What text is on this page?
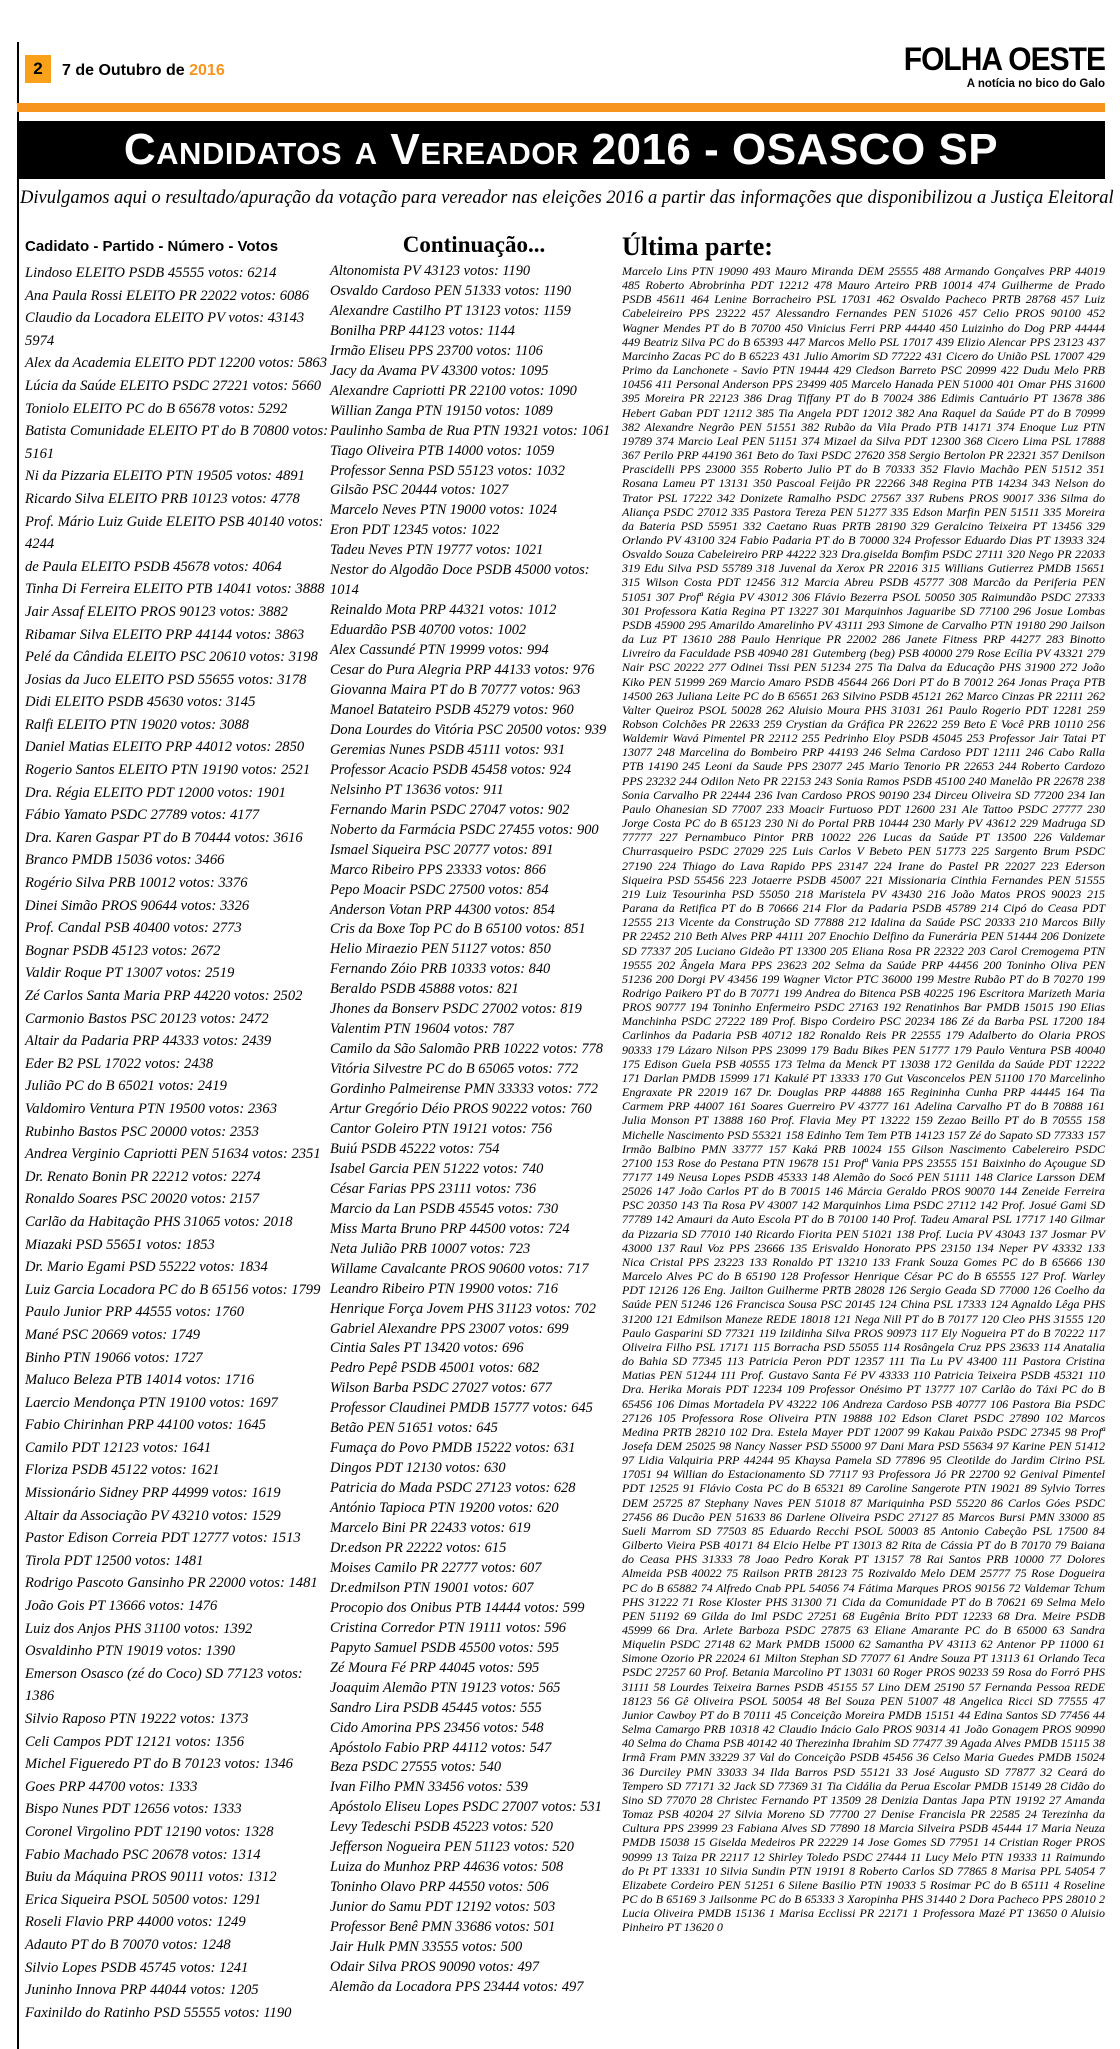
2 7 de Outubro de 2016	FOLHA OESTE
A notícia no bico do Galo
Candidatos a Vereador 2016 - OSASCO SP
Divulgamos aqui o resultado/apuração da votação para vereador nas eleições 2016 a partir das informações que disponibilizou a Justiça Eleitoral
Cadidato - Partido - Número - Votos
Lindoso ELEITO PSDB 45555 votos: 6214
Ana Paula Rossi ELEITO PR 22022 votos: 6086
Claudio da Locadora ELEITO PV votos: 43143 5974
Alex da Academia ELEITO PDT 12200 votos: 5863
Lúcia da Saúde ELEITO PSDC 27221 votos: 5660
Toniolo ELEITO PC do B 65678 votos: 5292
Batista Comunidade ELEITO PT do B 70800 votos: 5161
Ni da Pizzaria ELEITO PTN 19505 votos: 4891
Ricardo Silva ELEITO PRB 10123 votos: 4778
Prof. Mário Luiz Guide ELEITO PSB 40140 votos: 4244
de Paula ELEITO PSDB 45678 votos: 4064
Tinha Di Ferreira ELEITO PTB 14041 votos: 3888
Jair Assaf ELEITO PROS 90123 votos: 3882
Ribamar Silva ELEITO PRP 44144 votos: 3863
Pelé da Cândida ELEITO PSC 20610 votos: 3198
Josias da Juco ELEITO PSD 55655 votos: 3178
Didi ELEITO PSDB 45630 votos: 3145
Ralfi ELEITO PTN 19020 votos: 3088
Daniel Matias ELEITO PRP 44012 votos: 2850
Rogerio Santos ELEITO PTN 19190 votos: 2521
Dra. Régia ELEITO PDT 12000 votos: 1901
Fábio Yamato PSDC 27789 votos: 4177
Dra. Karen Gaspar PT do B 70444 votos: 3616
Branco PMDB 15036 votos: 3466
Rogério Silva PRB 10012 votos: 3376
Dinei Simão PROS 90644 votos: 3326
Prof. Candal PSB 40400 votos: 2773
Bognar PSDB 45123 votos: 2672
Valdir Roque PT 13007 votos: 2519
Zé Carlos Santa Maria PRP 44220 votos: 2502
Carmonio Bastos PSC 20123 votos: 2472
Altair da Padaria PRP 44333 votos: 2439
Eder B2 PSL 17022 votos: 2438
Julião PC do B 65021 votos: 2419
Valdomiro Ventura PTN 19500 votos: 2363
Rubinho Bastos PSC 20000 votos: 2353
Andrea Verginio Capriotti PEN 51634 votos: 2351
Dr. Renato Bonin PR 22212 votos: 2274
Ronaldo Soares PSC 20020 votos: 2157
Carlão da Habitação PHS 31065 votos: 2018
Miazaki PSD 55651 votos: 1853
Dr. Mario Egami PSD 55222 votos: 1834
Luiz Garcia Locadora PC do B 65156 votos: 1799
Paulo Junior PRP 44555 votos: 1760
Mané PSC 20669 votos: 1749
Binho PTN 19066 votos: 1727
Maluco Beleza PTB 14014 votos: 1716
Laercio Mendonça PTN 19100 votos: 1697
Fabio Chirinhan PRP 44100 votos: 1645
Camilo PDT 12123 votos: 1641
Floriza PSDB 45122 votos: 1621
Missionário Sidney PRP 44999 votos: 1619
Altair da Associação PV 43210 votos: 1529
Pastor Edison Correia PDT 12777 votos: 1513
Tirola PDT 12500 votos: 1481
Rodrigo Pascoto Gansinho PR 22000 votos: 1481
João Gois PT 13666 votos: 1476
Luiz dos Anjos PHS 31100 votos: 1392
Osvaldinho PTN 19019 votos: 1390
Emerson Osasco (zé do Coco) SD 77123 votos: 1386
Silvio Raposo PTN 19222 votos: 1373
Celi Campos PDT 12121 votos: 1356
Michel Figueredo PT do B 70123 votos: 1346
Goes PRP 44700 votos: 1333
Bispo Nunes PDT 12656 votos: 1333
Coronel Virgolino PDT 12190 votos: 1328
Fabio Machado PSC 20678 votos: 1314
Buiu da Máquina PROS 90111 votos: 1312
Erica Siqueira PSOL 50500 votos: 1291
Roseli Flavio PRP 44000 votos: 1249
Adauto PT do B 70070 votos: 1248
Silvio Lopes PSDB 45745 votos: 1241
Juninho Innova PRP 44044 votos: 1205
Faxinildo do Ratinho PSD 55555 votos: 1190
Continuação...
Altonomista PV 43123 votos: 1190
Osvaldo Cardoso PEN 51333 votos: 1190
Alexandre Castilho PT 13123 votos: 1159
Bonilha PRP 44123 votos: 1144
Irmão Eliseu PPS 23700 votos: 1106
Jacy da Avama PV 43300 votos: 1095
Alexandre Capriotti PR 22100 votos: 1090
Willian Zanga PTN 19150 votos: 1089
Paulinho Samba de Rua PTN 19321 votos: 1061
Tiago Oliveira PTB 14000 votos: 1059
Professor Senna PSD 55123 votos: 1032
Gilsão PSC 20444 votos: 1027
Marcelo Neves PTN 19000 votos: 1024
Eron PDT 12345 votos: 1022
Tadeu Neves PTN 19777 votos: 1021
Nestor do Algodão Doce PSDB 45000 votos: 1014
Reinaldo Mota PRP 44321 votos: 1012
Eduardão PSB 40700 votos: 1002
Alex Cassundé PTN 19999 votos: 994
Cesar do Pura Alegria PRP 44133 votos: 976
Giovanna Maira PT do B 70777 votos: 963
Manoel Batateiro PSDB 45279 votos: 960
Dona Lourdes do Vitória PSC 20500 votos: 939
Geremias Nunes PSDB 45111 votos: 931
Professor Acacio PSDB 45458 votos: 924
Nelsinho PT 13636 votos: 911
Fernando Marin PSDC 27047 votos: 902
Noberto da Farmácia PSDC 27455 votos: 900
Ismael Siqueira PSC 20777 votos: 891
Marco Ribeiro PPS 23333 votos: 866
Pepo Moacir PSDC 27500 votos: 854
Anderson Votan PRP 44300 votos: 854
Cris da Boxe Top PC do B 65100 votos: 851
Helio Miraezio PEN 51127 votos: 850
Fernando Zóio PRB 10333 votos: 840
Beraldo PSDB 45888 votos: 821
Jhones da Bonserv PSDC 27002 votos: 819
Valentim PTN 19604 votos: 787
Camilo da São Salomão PRB 10222 votos: 778
Vitória Silvestre PC do B 65065 votos: 772
Gordinho Palmeirense PMN 33333 votos: 772
Artur Gregório Déio PROS 90222 votos: 760
Cantor Goleiro PTN 19121 votos: 756
Buiú PSDB 45222 votos: 754
Isabel Garcia PEN 51222 votos: 740
César Farias PPS 23111 votos: 736
Marcio da Lan PSDB 45545 votos: 730
Miss Marta Bruno PRP 44500 votos: 724
Neta Julião PRB 10007 votos: 723
Willame Cavalcante PROS 90600 votos: 717
Leandro Ribeiro PTN 19900 votos: 716
Henrique Força Jovem PHS 31123 votos: 702
Gabriel Alexandre PPS 23007 votos: 699
Cintia Sales PT 13420 votos: 696
Pedro Pepê PSDB 45001 votos: 682
Wilson Barba PSDC 27027 votos: 677
Professor Claudinei PMDB 15777 votos: 645
Betão PEN 51651 votos: 645
Fumaça do Povo PMDB 15222 votos: 631
Dingos PDT 12130 votos: 630
Patricia do Mada PSDC 27123 votos: 628
António Tapioca PTN 19200 votos: 620
Marcelo Bini PR 22433 votos: 619
Dr.edson PR 22222 votos: 615
Moises Camilo PR 22777 votos: 607
Dr.edmilson PTN 19001 votos: 607
Procopio dos Onibus PTB 14444 votos: 599
Cristina Corredor PTN 19111 votos: 596
Papyto Samuel PSDB 45500 votos: 595
Zé Moura Fé PRP 44045 votos: 595
Joaquim Alemão PTN 19123 votos: 565
Sandro Lira PSDB 45445 votos: 555
Cido Amorina PPS 23456 votos: 548
Apóstolo Fabio PRP 44112 votos: 547
Beza PSDC 27555 votos: 540
Ivan Filho PMN 33456 votos: 539
Apóstolo Eliseu Lopes PSDC 27007 votos: 531
Levy Tedeschi PSDB 45223 votos: 520
Jefferson Nogueira PEN 51123 votos: 520
Luiza do Munhoz PRP 44636 votos: 508
Toninho Olavo PRP 44550 votos: 506
Junior do Samu PDT 12192 votos: 503
Professor Benê PMN 33686 votos: 501
Jair Hulk PMN 33555 votos: 500
Odair Silva PROS 90090 votos: 497
Alemão da Locadora PPS 23444 votos: 497
Última parte:
Marcelo Lins PTN 19090 493 Mauro Miranda DEM 25555 488 Armando Gonçalves PRP 44019 485 Roberto Abrobrinha PDT 12212 478 Mauro Arteiro PRB 10014 474 Guilherme de Prado PSDB 45611 464 Lenine Borracheiro PSL 17031 462 Osvaldo Pacheco PRTB 28768 457 Luiz Cabeleireiro PPS 23222 457 Alessandro Fernandes PEN 51026 457 Celio PROS 90100 452 Wagner Mendes PT do B 70700 450 Vinicius Ferri PRP 44440 450 Luizinho do Dog PRP 44444 449 Beatriz Silva PC do B 65393 447 Marcos Mello PSL 17017 439 Elizio Alencar PPS 23123 437 Marcinho Zacas PC do B 65223 431 Julio Amorim SD 77222 431 Cicero do União PSL 17007 429 Primo da Lanchonete - Savio PTN 19444 429 Cledson Barreto PSC 20999 422 Dudu Melo PRB 10456 411 Personal Anderson PPS 23499 405 Marcelo Hanada PEN 51000 401 Omar PHS 31600 395 Moreira PR 22123 386 Drag Tiffany PT do B 70024 386 Edimis Cantuário PT 13678 386 Hebert Gaban PDT 12112 385 Tia Angela PDT 12012 382 Ana Raquel da Saúde PT do B 70999 382 Alexandre Negrão PEN 51551 382 Rubão da Vila Prado PTB 14171 374 Enoque Luz PTN 19789 374 Marcio Leal PEN 51151 374 Mizael da Silva PDT 12300 368 Cicero Lima PSL 17888 367 Perilo PRP 44190 361 Beto do Taxi PSDC 27620 358 Sergio Bertolon PR 22321 357 Denilson Prascidelli PPS 23000 355 Roberto Julio PT do B 70333 352 Flavio Machão PEN 51512 351 Rosana Lameu PT 13131 350 Pascoal Feijão PR 22266 348 Regina PTB 14234 343 Nelson do Trator PSL 17222 342 Donizete Ramalho PSDC 27567 337 Rubens PROS 90017 336 Silma do Aliança PSDC 27012 335 Pastora Tereza PEN 51277 335 Edson Marfin PEN 51511 335 Moreira da Bateria PSD 55951 332 Caetano Ruas PRTB 28190 329 Geralcino Teixeira PT 13456 329 Orlando PV 43100 324 Fabio Padaria PT do B 70000 324 Professor Eduardo Dias PT 13933 324 Osvaldo Souza Cabeleireiro PRP 44222 323 Dra.giselda Bomfim PSDC 27111 320 Nego PR 22033 319 Edu Silva PSD 55789 318 Juvenal da Xerox PR 22016 315 Willians Gutierrez PMDB 15651 315 Wilson Costa PDT 12456 312 Marcia Abreu PSDB 45777 308 Marcão da Periferia PEN 51051 307 Profª Régia PV 43012 306 Flávio Bezerra PSOL 50050 305 Raimundão PSDC 27333 301 Professora Katia Regina PT 13227 301 Marquinhos Jaguaribe SD 77100 296 Josue Lombas PSDB 45900 295 Amarildo Amarelinho PV 43111 293 Simone de Carvalho PTN 19180 290 Jailson da Luz PT 13610 288 Paulo Henrique PR 22002 286 Janete Fitness PRP 44277 283 Binotto Livreiro da Faculdade PSB 40940 281 Gutemberg (beg) PSB 40000 279 Rose Ecília PV 43321 279 Nair PSC 20222 277 Odinei Tissi PEN 51234 275 Tia Dalva da Educação PHS 31900 272 João Kiko PEN 51999 269 Marcio Amaro PSDB 45644 266 Dori PT do B 70012 264 Jonas Praça PTB 14500 263 Juliana Leite PC do B 65651 263 Silvino PSDB 45121 262 Marco Cinzas PR 22111 262 Valter Queiroz PSOL 50028 262 Aluisio Moura PHS 31031 261 Paulo Rogerio PDT 12281 259 Robson Colchões PR 22633 259 Crystian da Gráfica PR 22622 259 Beto E Você PRB 10110 256 Waldemir Wavá Pimentel PR 22112 255 Pedrinho Eloy PSDB 45045 253 Professor Jair Tatai PT 13077 248 Marcelina do Bombeiro PRP 44193 246 Selma Cardoso PDT 12111 246 Cabo Ralla PTB 14190 245 Leoni da Saude PPS 23077 245 Mario Tenorio PR 22653 244 Roberto Cardozo PPS 23232 244 Odilon Neto PR 22153 243 Sonia Ramos PSDB 45100 240 Manelão PR 22678 238 Sonia Carvalho PR 22444 236 Ivan Cardoso PROS 90190 234 Dirceu Oliveira SD 77200 234 Ian Paulo Ohanesian SD 77007 233 Moacir Furtuoso PDT 12600 231 Ale Tattoo PSDC 27777 230 Jorge Costa PC do B 65123 230 Ni do Portal PRB 10444 230 Marly PV 43612 229 Madruga SD 77777 227 Pernambuco Pintor PRB 10022 226 Lucas da Saúde PT 13500 226 Valdemar Churrasqueiro PSDC 27029 225 Luis Carlos V Bebeto PEN 51773 225 Sargento Brum PSDC 27190 224 Thiago do Lava Rapido PPS 23147 224 Irane do Pastel PR 22027 223 Ederson Siqueira PSD 55456 223 Jotaerre PSDB 45007 221 Missionaria Cinthia Fernandes PEN 51555 219 Luiz Tesourinha PSD 55050 218 Maristela PV 43430 216 João Matos PROS 90023 215 Parana da Retifica PT do B 70666 214 Flor da Padaria PSDB 45789 214 Cipó do Ceasa PDT 12555 213 Vicente da Construção SD 77888 212 Idalina da Saúde PSC 20333 210 Marcos Billy PR 22452 210 Beth Alves PRP 44111 207 Enochio Delfino da Funerária PEN 51444 206 Donizete SD 77337 205 Luciano Gideão PT 13300 205 Eliana Rosa PR 22322 203 Carol Cremogema PTN 19555 202 Ângela Mara PPS 23623 202 Selma da Saúde PRP 44456 200 Toninho Oliva PEN 51236 200 Dorgi PV 43456 199 Wagner Victor PTC 36000 199 Mestre Rubão PT do B 70270 199 Rodrigo Paikero PT do B 70771 199 Andrea do Bitenca PSB 40225 196 Escritora Marizeth Maria PROS 90777 194 Toninho Enfermeiro PSDC 27163 192 Renatinhos Bar PMDB 15015 190 Elias Manchinha PSDC 27222 189 Prof. Bispo Cordeiro PSC 20234 186 Zé da Barba PSL 17200 184 Carlinhos da Padaria PSB 40712 182 Ronaldo Reis PR 22555 179 Adalberto do Olaria PROS 90333 179 Lázaro Nilson PPS 23099 179 Badu Bikes PEN 51777 179 Paulo Ventura PSB 40040 175 Edison Guela PSB 40555 173 Telma da Menck PT 13038 172 Genilda da Saúde PDT 12222 171 Darlan PMDB 15999 171 Kakulé PT 13333 170 Gut Vasconcelos PEN 51100 170 Marcelinho Engraxate PR 22019 167 Dr. Douglas PRP 44888 165 Regininha Cunha PRP 44445 164 Tia Carmem PRP 44007 161 Soares Guerreiro PV 43777 161 Adelina Carvalho PT do B 70888 161 Julia Monson PT 13888 160 Prof. Flavia Mey PT 13222 159 Zezao Beillo PT do B 70555 158 Michelle Nascimento PSD 55321 158 Edinho Tem Tem PTB 14123 157 Zé do Sapato SD 77333 157 Irmão Balbino PMN 33777 157 Kaká PRB 10024 155 Gilson Nascimento Cabelereiro PSDC 27100 153 Rose do Pestana PTN 19678 151 Profª Vania PPS 23555 151 Baixinho do Açougue SD 77177 149 Neusa Lopes PSDB 45333 148 Alemão do Socó PEN 51111 148 Clarice Larsson DEM 25026 147 João Carlos PT do B 70015 146 Márcia Geraldo PROS 90070 144 Zeneide Ferreira PSC 20350 143 Tia Rosa PV 43007 142 Marquinhos Lima PSDC 27112 142 Prof. Josué Gami SD 77789 142 Amauri da Auto Escola PT do B 70100 140 Prof. Tadeu Amaral PSL 17717 140 Gilmar da Pizzaria SD 77010 140 Ricardo Fiorita PEN 51021 138 Prof. Lucia PV 43043 137 Josmar PV 43000 137 Raul Voz PPS 23666 135 Erisvaldo Honorato PPS 23150 134 Neper PV 43332 133 Nica Cristal PPS 23223 133 Ronaldo PT 13210 133 Frank Souza Gomes PC do B 65666 130 Marcelo Alves PC do B 65190 128 Professor Henrique César PC do B 65555 127 Prof. Warley PDT 12126 126 Eng. Jailton Guilherme PRTB 28028 126 Sergio Geada SD 77000 126 Coelho da Saúde PEN 51246 126 Francisca Sousa PSC 20145 124 China PSL 17333 124 Agnaldo Lêga PHS 31200 121 Edmilson Maneze REDE 18018 121 Nega Nill PT do B 70177 120 Cleo PHS 31555 120 Paulo Gasparini SD 77321 119 Izildinha Silva PROS 90973 117 Ely Nogueira PT do B 70222 117 Oliveira Filho PSL 17171 115 Borracha PSD 55055 114 Rosângela Cruz PPS 23633 114 Anatalia do Bahia SD 77345 113 Patricia Peron PDT 12357 111 Tia Lu PV 43400 111 Pastora Cristina Matias PEN 51244 111 Prof. Gustavo Santa Fé PV 43333 110 Patricia Teixeira PSDB 45321 110 Dra. Herika Morais PDT 12234 109 Professor Onésimo PT 13777 107 Carlão do Táxi PC do B 65456 106 Dimas Mortadela PV 43222 106 Andreza Cardoso PSB 40777 106 Pastora Bia PSDC 27126 105 Professora Rose Oliveira PTN 19888 102 Edson Claret PSDC 27890 102 Marcos Medina PRTB 28210 102 Dra. Estela Mayer PDT 12007 99 Kakau Paixão PSDC 27345 98 Profª Josefa DEM 25025 98 Nancy Nasser PSD 55000 97 Dani Mara PSD 55634 97 Karine PEN 51412 97 Lidia Valquiria PRP 44244 95 Khaysa Pamela SD 77896 95 Cleotilde do Jardim Cirino PSL 17051 94 Willian do Estacionamento SD 77117 93 Professora Jó PR 22700 92 Genival Pimentel PDT 12525 91 Flávio Costa PC do B 65321 89 Caroline Sangerote PTN 19021 89 Sylvio Torres DEM 25725 87 Stephany Naves PEN 51018 87 Mariquinha PSD 55220 86 Carlos Góes PSDC 27456 86 Ducão PEN 51633 86 Darlene Oliveira PSDC 27127 85 Marcos Bursi PMN 33000 85 Sueli Marrom SD 77503 85 Eduardo Recchi PSOL 50003 85 Antonio Cabeção PSL 17500 84 Gilberto Vieira PSB 40171 84 Elcio Helbe PT 13013 82 Rita de Cássia PT do B 70170 79 Baiana do Ceasa PHS 31333 78 Joao Pedro Korak PT 13157 78 Rai Santos PRB 10000 77 Dolores Almeida PSB 40022 75 Railson PRTB 28123 75 Rozivaldo Melo DEM 25777 75 Rose Dogueira PC do B 65882 74 Alfredo Cnab PPL 54056 74 Fátima Marques PROS 90156 72 Valdemar Tchum PHS 31222 71 Rose Kloster PHS 31300 71 Cida da Comunidade PT do B 70621 69 Selma Melo PEN 51192 69 Gilda do Iml PSDC 27251 68 Eugênia Brito PDT 12233 68 Dra. Meire PSDB 45999 66 Dra. Arlete Barboza PSDC 27875 63 Eliane Amarante PC do B 65000 63 Sandra Miquelin PSDC 27148 62 Mark PMDB 15000 62 Samantha PV 43113 62 Antenor PP 11000 61 Simone Ozorio PR 22024 61 Milton Stephan SD 77077 61 Andre Souza PT 13113 61 Orlando Teca PSDC 27257 60 Prof. Betania Marcolino PT 13031 60 Roger PROS 90233 59 Rosa do Forró PHS 31111 58 Lourdes Teixeira Barnes PSDB 45155 57 Lino DEM 25190 57 Fernanda Pessoa REDE 18123 56 Gê Oliveira PSOL 50054 48 Bel Souza PEN 51007 48 Angelica Ricci SD 77555 47 Junior Cawboy PT do B 70111 45 Conceição Moreira PMDB 15151 44 Edina Santos SD 77456 44 Selma Camargo PRB 10318 42 Claudio Inácio Galo PROS 90314 41 João Gonagem PROS 90990 40 Selma do Chama PSB 40142 40 Therezinha Ibrahim SD 77477 39 Agada Alves PMDB 15115 38 Irmã Fram PMN 33229 37 Val do Conceição PSDB 45456 36 Celso Maria Guedes PMDB 15024 36 Durciley PMN 33033 34 Ilda Barros PSD 55121 33 José Augusto SD 77877 32 Ceará do Tempero SD 77171 32 Jack SD 77369 31 Tia Cidália da Perua Escolar PMDB 15149 28 Cidão do Sino SD 77070 28 Christec Fernando PT 13509 28 Denizia Dantas Japa PTN 19192 27 Amanda Tomaz PSB 40204 27 Silvia Moreno SD 77700 27 Denise Francisla PR 22585 24 Terezinha da Cultura PPS 23999 23 Fabiana Alves SD 77890 18 Marcia Silveira PSDB 45444 17 Maria Neuza PMDB 15038 15 Giselda Medeiros PR 22229 14 Jose Gomes SD 77951 14 Cristian Roger PROS 90999 13 Taiza PR 22117 12 Shirley Toledo PSDC 27444 11 Lucy Melo PTN 19333 11 Raimundo do Pt PT 13331 10 Silvia Sundin PTN 19191 8 Roberto Carlos SD 77865 8 Marisa PPL 54054 7 Elizabete Cordeiro PEN 51251 6 Silene Basilio PTN 19033 5 Rosimar PC do B 65111 4 Roseline PC do B 65169 3 Jailsonme PC do B 65333 3 Xaropinha PHS 31440 2 Dora Pacheco PPS 28010 2 Lucia Oliveira PMDB 15136 1 Marisa Ecclissi PR 22171 1 Professora Mazé PT 13650 0 Aluisio Pinheiro PT 13620 0
